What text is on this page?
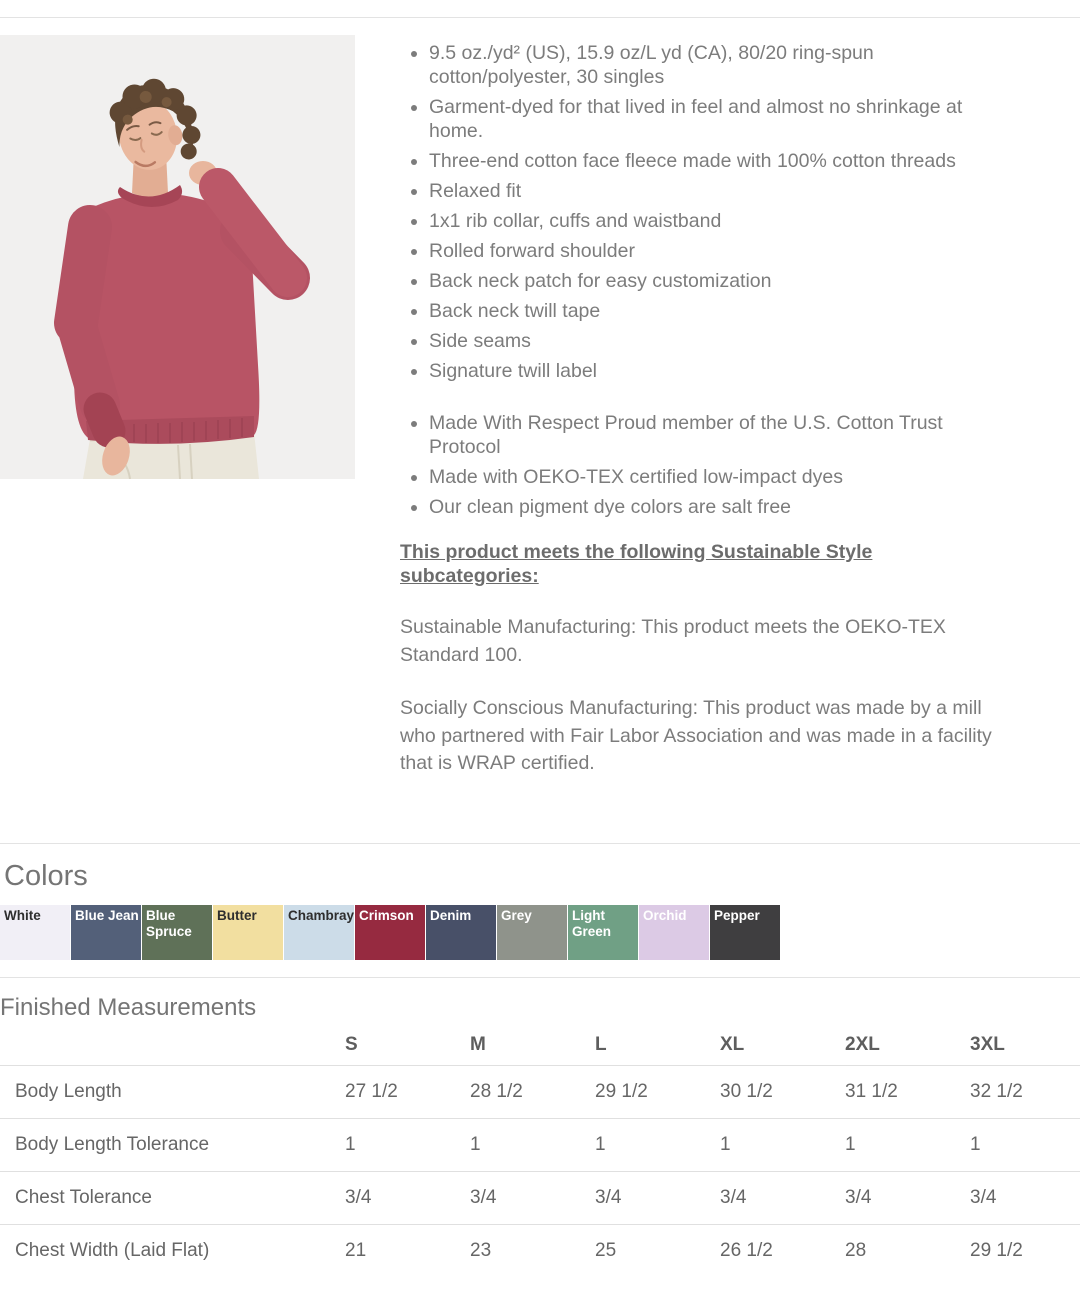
• 9.5 oz./yd² (US), 15.9 oz/L yd (CA), 80/20 ring-spun cotton/polyester, 30 singles
• Garment-dyed for that lived in feel and almost no shrinkage at home.
• Three-end cotton face fleece made with 100% cotton threads
• Relaxed fit
• 1x1 rib collar, cuffs and waistband
• Rolled forward shoulder
• Back neck patch for easy customization
• Back neck twill tape
• Side seams
• Signature twill label
• Made With Respect Proud member of the U.S. Cotton Trust Protocol
• Made with OEKO-TEX certified low-impact dyes
• Our clean pigment dye colors are salt free
This product meets the following Sustainable Style subcategories:

Sustainable Manufacturing: This product meets the OEKO-TEX Standard 100.

Socially Conscious Manufacturing: This product was made by a mill who partnered with Fair Labor Association and was made in a facility that is WRAP certified.

Colors
White	Blue Jean Blue Spruce
Butter	Chambray Crimson	Denim	Grey	Light Green
Orchid	Pepper
Finished Measurements
	S	M	L	XL	2XL	3XL
Body Length	27 1/2	28 1/2	29 1/2	30 1/2	31 1/2	32 1/2
Body Length Tolerance	1	1	1	1	1	1
Chest Tolerance	3/4	3/4	3/4	3/4	3/4	3/4
Chest Width (Laid Flat)	21	23	25	26 1/2	28	29 1/2
